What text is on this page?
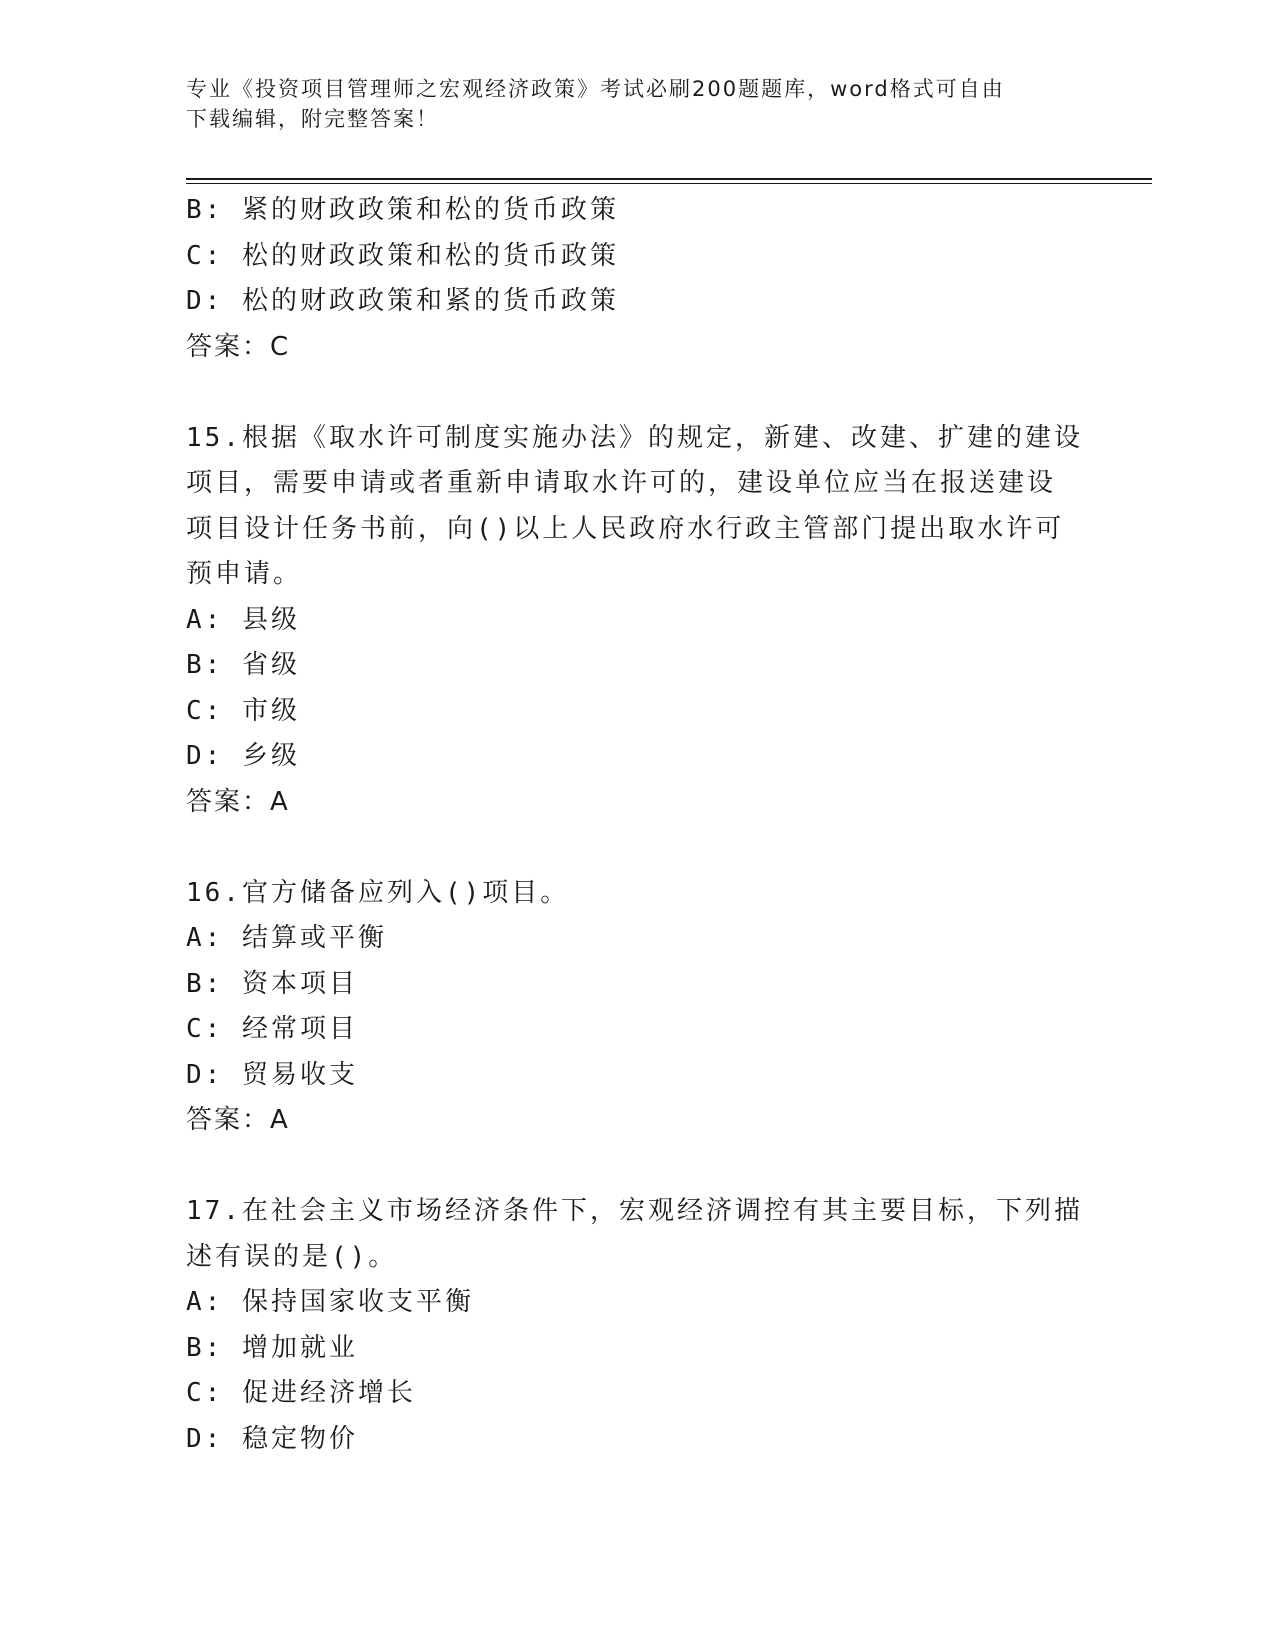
专业《投资项目管理师之宏观经济政策》考试必刷200题题库，word格式可自由
下载编辑，附完整答案！
B: 紧的财政政策和松的货币政策
C: 松的财政政策和松的货币政策
D: 松的财政政策和紧的货币政策
答案：C
15.根据《取水许可制度实施办法》的规定，新建、改建、扩建的建设
项目，需要申请或者重新申请取水许可的，建设单位应当在报送建设
项目设计任务书前，向()以上人民政府水行政主管部门提出取水许可
预申请。
A: 县级
B: 省级
C: 市级
D: 乡级
答案：A
16.官方储备应列入()项目。
A: 结算或平衡
B: 资本项目
C: 经常项目
D: 贸易收支
答案：A
17.在社会主义市场经济条件下，宏观经济调控有其主要目标，下列描
述有误的是()。
A: 保持国家收支平衡
B: 增加就业
C: 促进经济增长
D: 稳定物价
